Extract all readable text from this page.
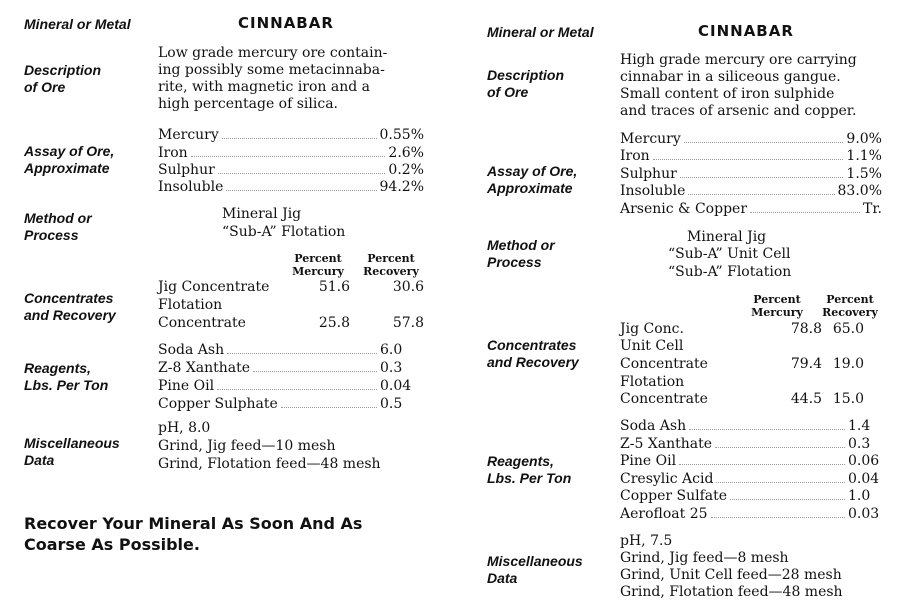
Mineral or Metal	CINNABAR
Description
of Ore
Low grade mercury ore contain-
ing possibly some metacinnaba-
rite, with magnetic iron and a
high percentage of silica.
Assay of Ore,
Approximate
Mercury	0.55%
Iron	2.6%
Sulphur	0.2%
Insoluble	94.2%
Method or
Process
Mineral Jig
“Sub-A” Flotation
Percent
Mercury
Percent
Recovery
Concentrates
and Recovery
Jig Concentrate	51.6	30.6
Flotation
Concentrate	25.8	57.8
Reagents,
Lbs. Per Ton
Soda Ash	6.0
Z-8 Xanthate	0.3
Pine Oil	0.04
Copper Sulphate	0.5
Miscellaneous
Data
pH, 8.0
Grind, Jig feed—10 mesh
Grind, Flotation feed—48 mesh
Recover Your Mineral As Soon And As
Coarse As Possible.
Mineral or Metal	CINNABAR
Description
of Ore
High grade mercury ore carrying
cinnabar in a siliceous gangue.
Small content of iron sulphide
and traces of arsenic and copper.
Assay of Ore,
Approximate
Mercury	9.0%
Iron	1.1%
Sulphur	1.5%
Insoluble	83.0%
Arsenic & Copper	Tr.
Method or
Process
Mineral Jig
“Sub-A” Unit Cell
“Sub-A” Flotation
Percent
Mercury
Percent
Recovery
Concentrates
and Recovery
Jig Conc.	78.8 65.0
Unit Cell
Concentrate	79.4 19.0
Flotation
Concentrate	44.5 15.0
Reagents,
Lbs. Per Ton
Soda Ash	1.4
Z-5 Xanthate	0.3
Pine Oil	0.06
Cresylic Acid	0.04
Copper Sulfate	1.0
Aerofloat 25	0.03
Miscellaneous
Data
pH, 7.5
Grind, Jig feed—8 mesh
Grind, Unit Cell feed—28 mesh
Grind, Flotation feed—48 mesh
